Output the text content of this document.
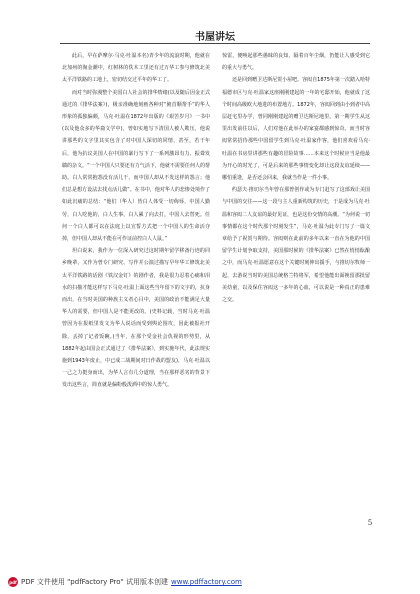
书屋讲坛

此后，早在萨摩尔·马克·吐温本名)青少年的流浪时期，他就在北加州的淘金潮中，红树林的佚木工里还有过万华工参与修筑北美太平洋铁路的工地上，密切结交过平年的华工了。

而对当时弥漫整个美国白人社会的排华情绪(以及随后因金正式通过的《排华法案》)，极亲准确地刻画各种对“俯首顺帮手”的华人形象的孤独偏颇，马克·吐温在1872年出版的《艰苦岁月》一书中(以及他众多的华裔文学中)，曾如实地写下清国人被人欺压，他说讲那些的文字里其实包含了对中国人深切的同情，甚至，若干年后，他为抗议美国人在中国的暴行写下了一系列激昂有力、振聋发聩的杂文。“一个中国人只要还有力气活下，他就不需要任何人的帮助。白人常常抱怨没有活儿干，而中国人却从不发这样的怨言；他们总是想方设法去找点活儿做”。在书中，他对华人的悲惨处境作了如此沉痛的总结：“他们（华人）皆白人体受一切侮辱，中国人勤劳，白人吃他的，白人生事，白人累了向去打，中国人去替死。任何一个白人都可以在法庭上以宣誓方式把一个中国人的生命活夺掉，但中国人却从不能在可作证前控白人人鼠。”

坦白说来，我作为一位深入研究过这时期年留学移备行迹的同乡晚辈，又作为曾专门研究、写作并公演过描写早年华工修筑北美太平洋铁路的话剧《铁汉金钉》的剧作者，我是很力忍着心痛和泪水的扫描才能这样写下马克·吐温上面这些当年留下的文字的，抗身而出，在当时美国的种族主义者心目中，美国的政治不能满足大量华人的需要，但中国人是不能更改的。(史料记载，当时马克·吐温曾因为在报纸里发文为华人说话而受到舆论围攻，因此被报社开除，丢掉了记者饭碗。)当年，在那个受金社会仇视的形势里，从1882年起由国会正式通过了《排华法案》，到实施年代，此法规实施到1943年废止，中已成二战期间对日作战的盟友)，马克·吐温以一己之力挺身而出，为华人言有几分道理，当在那样恶劣的背景下发出这些言，简直就是偏粉般泼洒中的惊人勇气。

惊雷，便唤起那些愚昧的良知，隔着百年尘烟，仍能让人感受到它的重大与勇气。

还是回到赠卫达斯尼贺小屋吧。容闳自1875年第一次踏入哈特福德市区与克·吐温家这座刚刚建起的一年的宅邸开始，他就成了这个时间高级欧大地进的布置地方。1872年，容闳回到由小到者中高层赶宅里办学，曾同刚刚建起的赠卫达斯尼地里，第一期学生从这里出发前往以后，人们对他在此举办的家宴都感到惊奇。而当时容闳常常招待那些中国留学生到马克·吐温家作客，他们喜欢看马克·吐温在书房里讲那些有趣的冒险故事……本来这个时候应当是他最为开心的时光了，可是后来的那些事情变化却让这段友谊延续——哪怕重逢，是否还会回来，我就当作是一件小事。

约瑟夫·推切尔当年曾在那曾创作或为专门赶写了这部戏让美国与中国的交往——这一段与主人重新构筑的历史，于是成为马克·吐温和容闳二人友谊的最好见证，也是这份交情的高潮。“为何说一切事情都在这个时代那个时刻发生”，马克·吐温为此专门写了一篇文章给予了祝贺与期待。容闳则在此前的多年以来一直在为他的中国留学生计划争取支持，美国那时候的《排华法案》已然在悄悄酝酿之中，而马克·吐温愿意在这个关键时刻伸出援手，与推切尔牧师一起，去游说当时的美国总统格兰特将军，希望他能出面挽留那批留美幼童，以及保住容闳这一多年的心血，可以说是一种真正的患难之交。

5
pdf PDF 文件使用 "pdfFactory Pro" 试用版本创建 www.pdffactory.com
